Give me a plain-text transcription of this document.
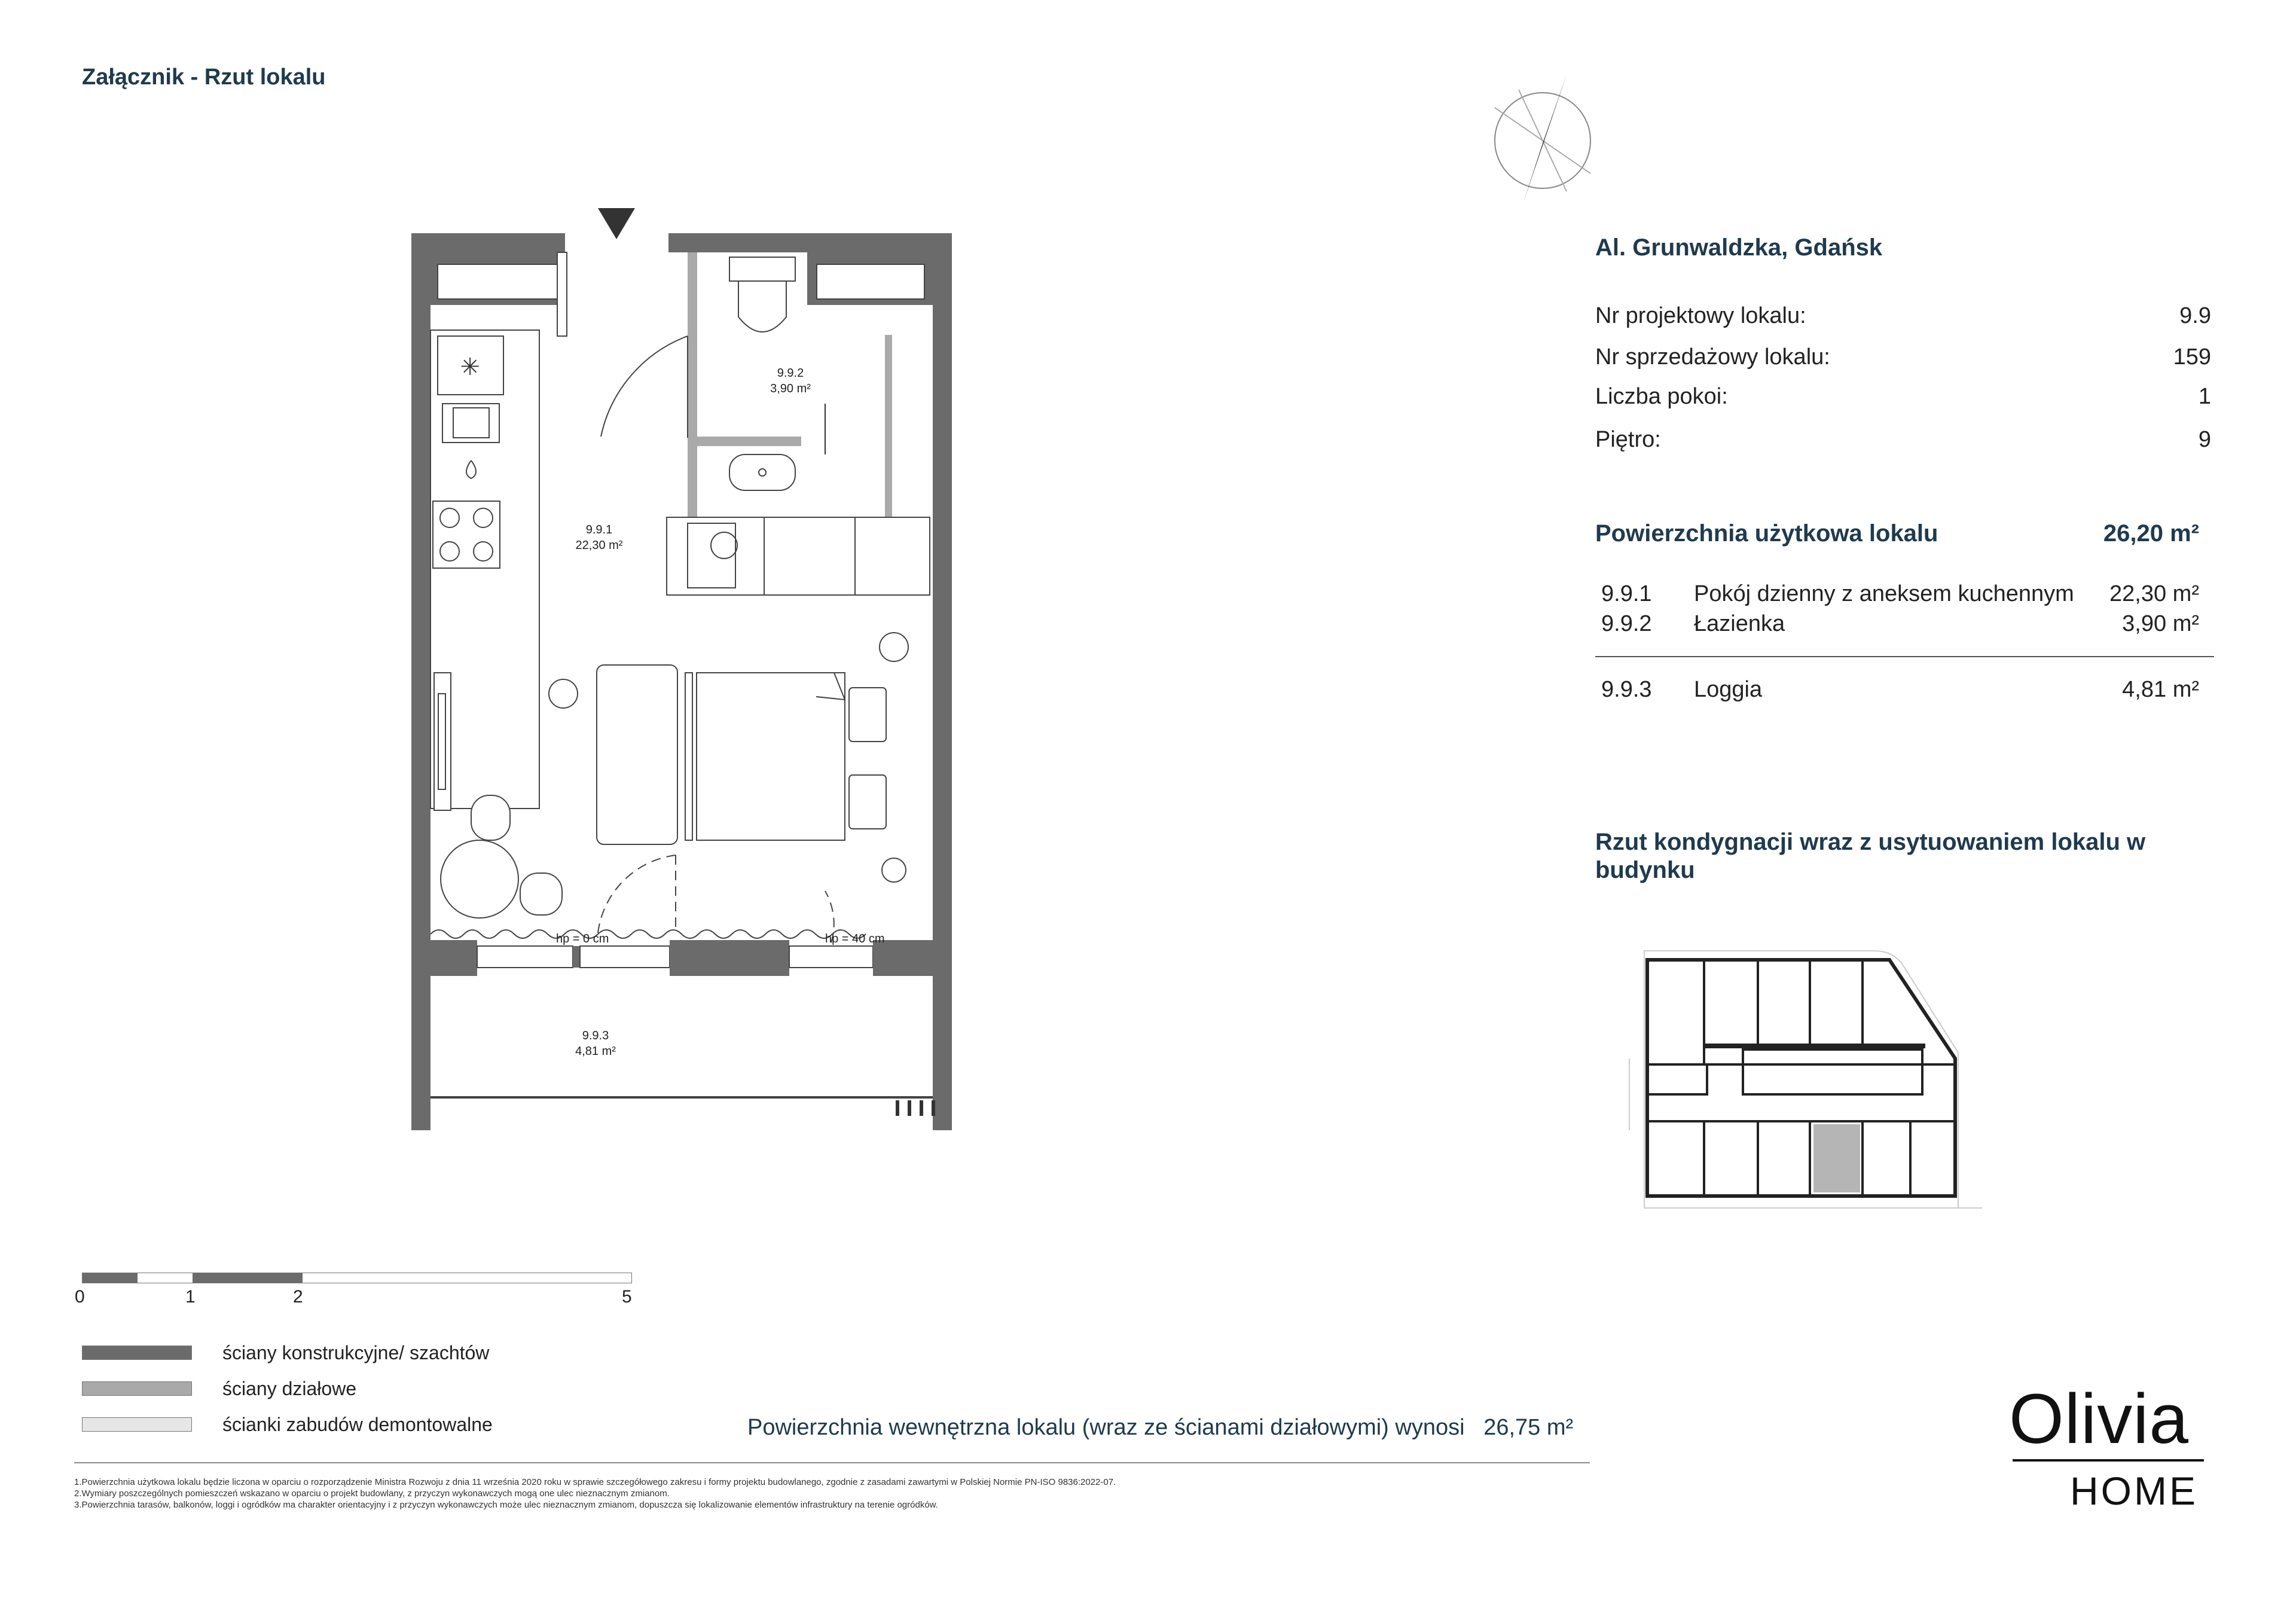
Załącznik - Rzut lokalu
9.9.2
3,90 m²
✳
9.9.1
22,30 m²
hp = 0 cm	hp = 40 cm
9.9.3
4,81 m²
Al. Grunwaldzka, Gdańsk
Nr projektowy lokalu:	9.9
Nr sprzedażowy lokalu:	159
Liczba pokoi:	1
Piętro:	9
Powierzchnia użytkowa lokalu	26,20 m²
9.9.1 Pokój dzienny z aneksem kuchennym 22,30 m²
9.9.2 Łazienka	3,90 m²
9.9.3 Loggia	4,81 m²
Rzut kondygnacji wraz z usytuowaniem lokalu w budynku
0	1	2	5
ściany konstrukcyjne/ szachtów
ściany działowe
ścianki zabudów demontowalne	Powierzchnia wewnętrzna lokalu (wraz ze ścianami działowymi) wynosi   26,75 m²
1.Powierzchnia użytkowa lokalu będzie liczona w oparciu o rozporządzenie Ministra Rozwoju z dnia 11 września 2020 roku w sprawie szczegółowego zakresu i formy projektu budowlanego, zgodnie z zasadami zawartymi w Polskiej Normie PN-ISO 9836:2022-07.
2.Wymiary poszczególnych pomieszczeń wskazano w oparciu o projekt budowlany, z przyczyn wykonawczych mogą one ulec nieznacznym zmianom.
3.Powierzchnia tarasów, balkonów, loggi i ogródków ma charakter orientacyjny i z przyczyn wykonawczych może ulec nieznacznym zmianom, dopuszcza się lokalizowanie elementów infrastruktury na terenie ogródków.
Olivia
HOME
